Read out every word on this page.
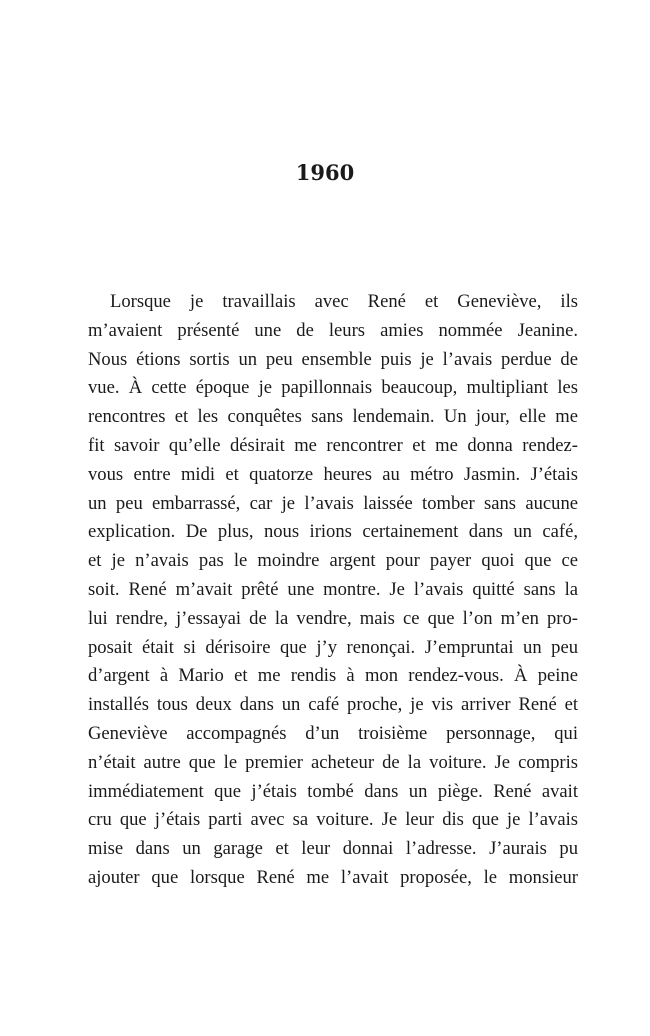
1960
Lorsque je travaillais avec René et Geneviève, ils
m’avaient présenté une de leurs amies nommée Jeanine.
Nous étions sortis un peu ensemble puis je l’avais perdue de
vue. À cette époque je papillonnais beaucoup, multipliant les
rencontres et les conquêtes sans lendemain. Un jour, elle me
fit savoir qu’elle désirait me rencontrer et me donna rendez-
vous entre midi et quatorze heures au métro Jasmin. J’étais
un peu embarrassé, car je l’avais laissée tomber sans aucune
explication. De plus, nous irions certainement dans un café,
et je n’avais pas le moindre argent pour payer quoi que ce
soit. René m’avait prêté une montre. Je l’avais quitté sans la
lui rendre, j’essayai de la vendre, mais ce que l’on m’en pro-
posait était si dérisoire que j’y renonçai. J’empruntai un peu
d’argent à Mario et me rendis à mon rendez-vous. À peine
installés tous deux dans un café proche, je vis arriver René et
Geneviève accompagnés d’un troisième personnage, qui
n’était autre que le premier acheteur de la voiture. Je compris
immédiatement que j’étais tombé dans un piège. René avait
cru que j’étais parti avec sa voiture. Je leur dis que je l’avais
mise dans un garage et leur donnai l’adresse. J’aurais pu
ajouter que lorsque René me l’avait proposée, le monsieur
